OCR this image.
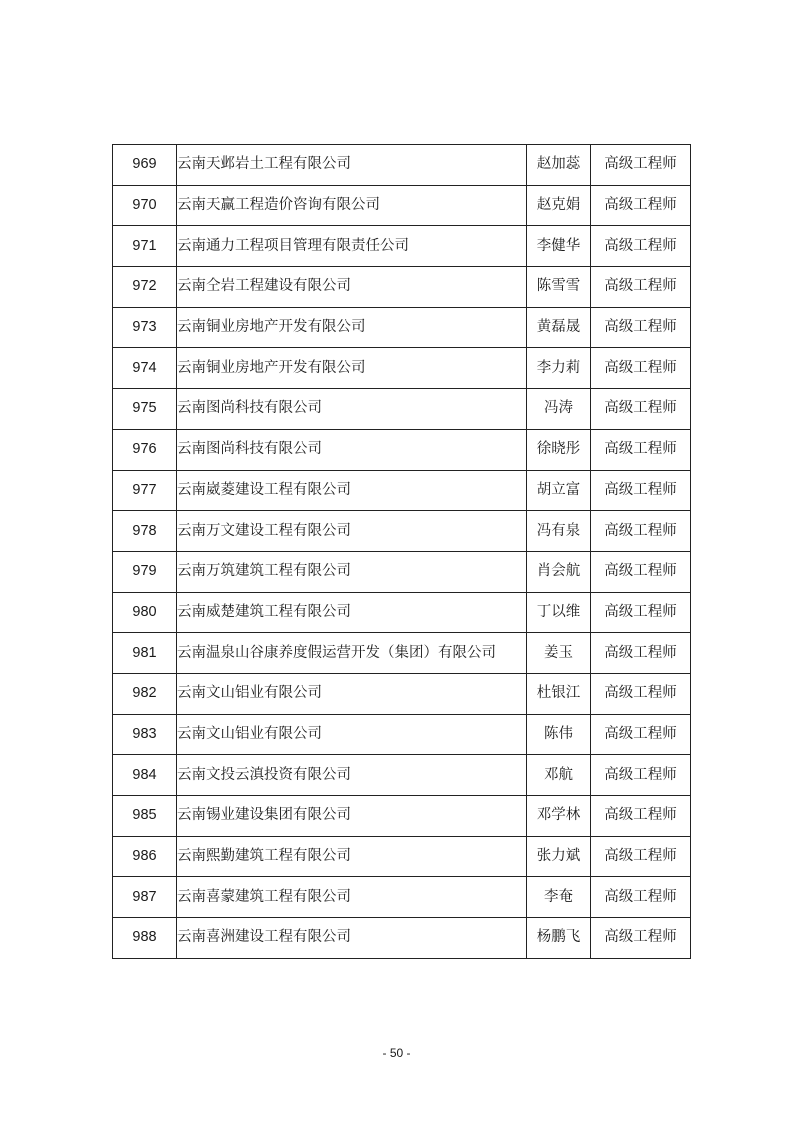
969	云南天邺岩土工程有限公司	赵加蕊	高级工程师
970	云南天赢工程造价咨询有限公司	赵克娟	高级工程师
971	云南通力工程项目管理有限责任公司	李健华	高级工程师
972	云南仝岩工程建设有限公司	陈雪雪	高级工程师
973	云南铜业房地产开发有限公司	黄磊晟	高级工程师
974	云南铜业房地产开发有限公司	李力莉	高级工程师
975	云南图尚科技有限公司	冯涛	高级工程师
976	云南图尚科技有限公司	徐晓彤	高级工程师
977	云南崴菱建设工程有限公司	胡立富	高级工程师
978	云南万文建设工程有限公司	冯有泉	高级工程师
979	云南万筑建筑工程有限公司	肖会航	高级工程师
980	云南威楚建筑工程有限公司	丁以维	高级工程师
981	云南温泉山谷康养度假运营开发（集团）有限公司	姜玉	高级工程师
982	云南文山铝业有限公司	杜银江	高级工程师
983	云南文山铝业有限公司	陈伟	高级工程师
984	云南文投云滇投资有限公司	邓航	高级工程师
985	云南锡业建设集团有限公司	邓学林	高级工程师
986	云南熙勤建筑工程有限公司	张力斌	高级工程师
987	云南喜蒙建筑工程有限公司	李奄	高级工程师
988	云南喜洲建设工程有限公司	杨鹏飞	高级工程师
- 50 -
